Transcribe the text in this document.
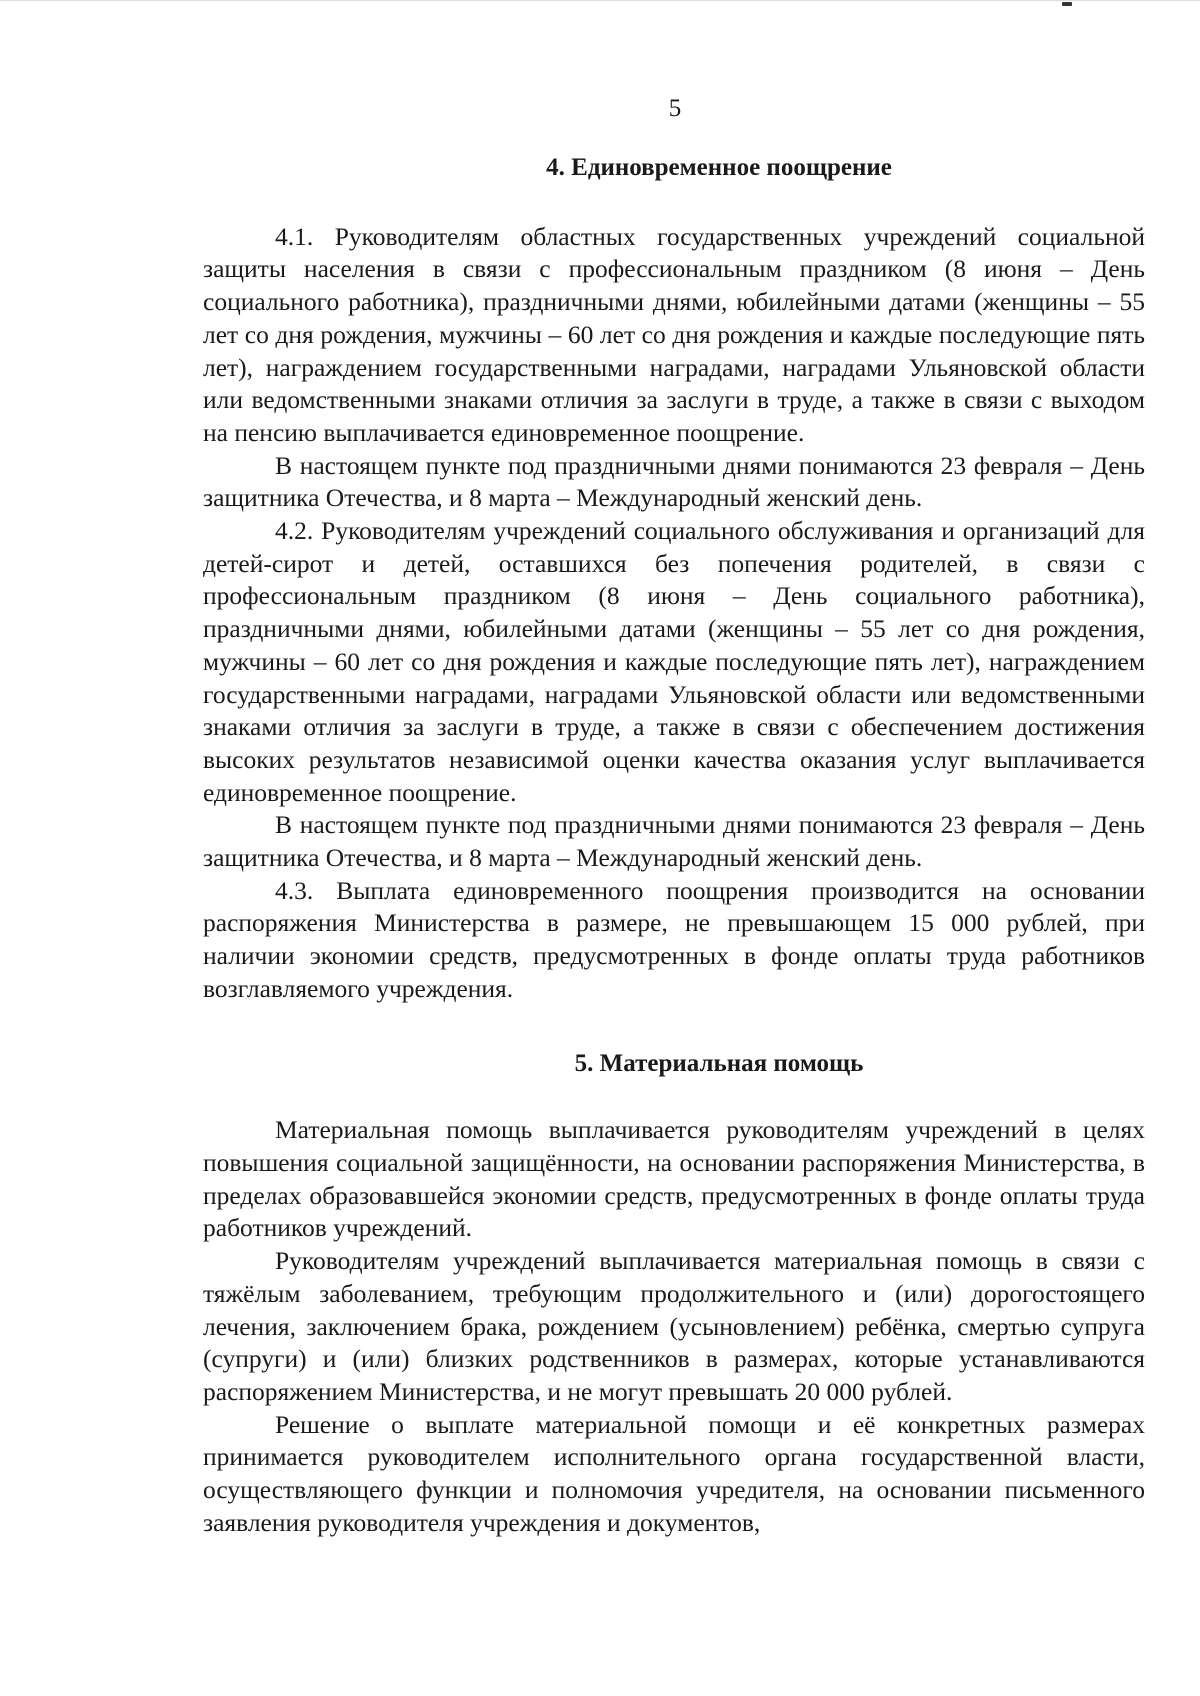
5
4. Единовременное поощрение

4.1. Руководителям областных государственных учреждений социальной защиты населения в связи с профессиональным праздником (8 июня – День социального работника), праздничными днями, юбилейными датами (женщины – 55 лет со дня рождения, мужчины – 60 лет со дня рождения и каждые последующие пять лет), награждением государственными наградами, наградами Ульяновской области или ведомственными знаками отличия за заслуги в труде, а также в связи с выходом на пенсию выплачивается единовременное поощрение.

В настоящем пункте под праздничными днями понимаются 23 февраля – День защитника Отечества, и 8 марта – Международный женский день.

4.2. Руководителям учреждений социального обслуживания и организаций для детей-сирот и детей, оставшихся без попечения родителей, в связи с профессиональным праздником (8 июня – День социального работника), праздничными днями, юбилейными датами (женщины – 55 лет со дня рождения, мужчины – 60 лет со дня рождения и каждые последующие пять лет), награждением государственными наградами, наградами Ульяновской области или ведомственными знаками отличия за заслуги в труде, а также в связи с обеспечением достижения высоких результатов независимой оценки качества оказания услуг выплачивается единовременное поощрение.

В настоящем пункте под праздничными днями понимаются 23 февраля – День защитника Отечества, и 8 марта – Международный женский день.

4.3. Выплата единовременного поощрения производится на основании распоряжения Министерства в размере, не превышающем 15 000 рублей, при наличии экономии средств, предусмотренных в фонде оплаты труда работников возглавляемого учреждения.

5. Материальная помощь

Материальная помощь выплачивается руководителям учреждений в целях повышения социальной защищённости, на основании распоряжения Министерства, в пределах образовавшейся экономии средств, предусмотренных в фонде оплаты труда работников учреждений.

Руководителям учреждений выплачивается материальная помощь в связи с тяжёлым заболеванием, требующим продолжительного и (или) дорогостоящего лечения, заключением брака, рождением (усыновлением) ребёнка, смертью супруга (супруги) и (или) близких родственников в размерах, которые устанавливаются распоряжением Министерства, и не могут превышать 20 000 рублей.

Решение о выплате материальной помощи и её конкретных размерах принимается руководителем исполнительного органа государственной власти, осуществляющего функции и полномочия учредителя, на основании письменного заявления руководителя учреждения и документов,
